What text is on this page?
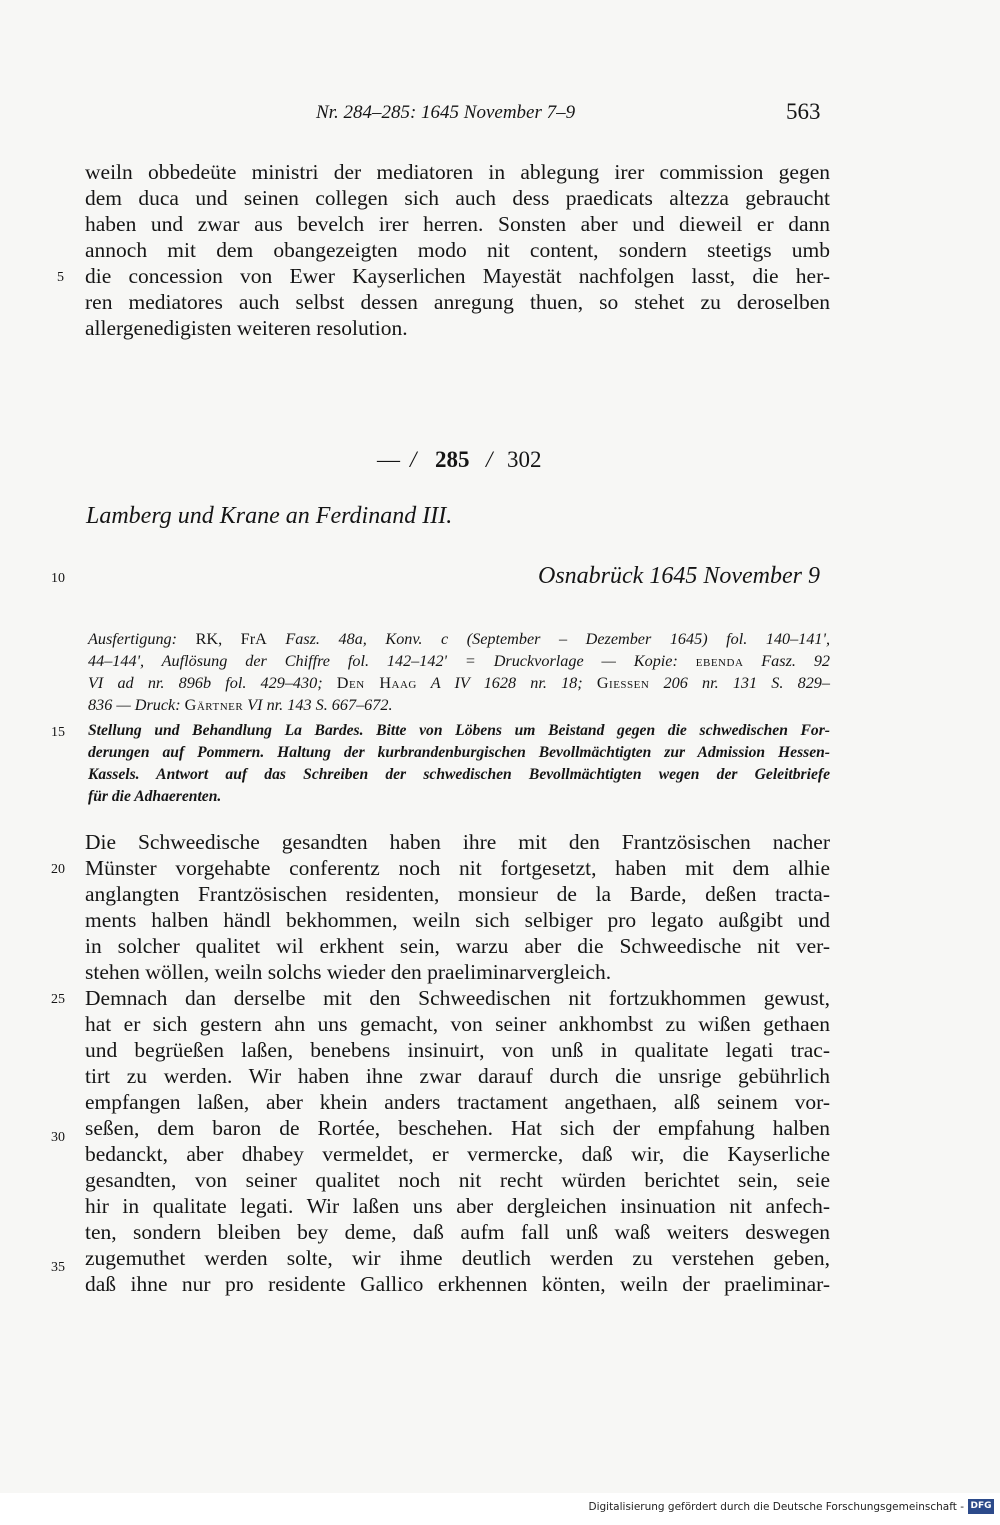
Nr. 284–285: 1645 November 7–9	563
weiln obbedeüte ministri der mediatoren in ablegung irer commission gegen
dem duca und seinen collegen sich auch dess praedicats altezza gebraucht
haben und zwar aus bevelch irer herren. Sonsten aber und dieweil er dann
annoch mit dem obangezeigten modo nit content, sondern steetigs umb
die concession von Ewer Kayserlichen Mayestät nachfolgen lasst, die her-
ren mediatores auch selbst dessen anregung thuen, so stehet zu deroselben
allergenedigisten weiteren resolution.
5
10
15
20
25
30
35
— / 285 / 302
Lamberg und Krane an Ferdinand III.
Osnabrück 1645 November 9
Ausfertigung: RK, FrA Fasz. 48a, Konv. c (September – Dezember 1645) fol. 140–141',
44–144', Auflösung der Chiffre fol. 142–142' = Druckvorlage — Kopie: ebenda Fasz. 92
VI ad nr. 896b fol. 429–430; Den Haag A IV 1628 nr. 18; Giessen 206 nr. 131 S. 829–
836 — Druck: Gärtner VI nr. 143 S. 667–672.
Stellung und Behandlung La Bardes. Bitte von Löbens um Beistand gegen die schwedischen For-
derungen auf Pommern. Haltung der kurbrandenburgischen Bevollmächtigten zur Admission Hessen-
Kassels. Antwort auf das Schreiben der schwedischen Bevollmächtigten wegen der Geleitbriefe
für die Adhaerenten.
Die Schweedische gesandten haben ihre mit den Frantzösischen nacher
Münster vorgehabte conferentz noch nit fortgesetzt, haben mit dem alhie
anglangten Frantzösischen residenten, monsieur de la Barde, deßen tracta-
ments halben händl bekhommen, weiln sich selbiger pro legato außgibt und
in solcher qualitet wil erkhent sein, warzu aber die Schweedische nit ver-
stehen wöllen, weiln solchs wieder den praeliminarvergleich.
Demnach dan derselbe mit den Schweedischen nit fortzukhommen gewust,
hat er sich gestern ahn uns gemacht, von seiner ankhombst zu wißen gethaen
und begrüeßen laßen, benebens insinuirt, von unß in qualitate legati trac-
tirt zu werden. Wir haben ihne zwar darauf durch die unsrige gebührlich
empfangen laßen, aber khein anders tractament angethaen, alß seinem vor-
seßen, dem baron de Rortée, beschehen. Hat sich der empfahung halben
bedanckt, aber dhabey vermeldet, er vermercke, daß wir, die Kayserliche
gesandten, von seiner qualitet noch nit recht würden berichtet sein, seie
hir in qualitate legati. Wir laßen uns aber dergleichen insinuation nit anfech-
ten, sondern bleiben bey deme, daß aufm fall unß waß weiters deswegen
zugemuthet werden solte, wir ihme deutlich werden zu verstehen geben,
daß ihne nur pro residente Gallico erkhennen könten, weiln der praeliminar-
Digitalisierung gefördert durch die Deutsche Forschungsgemeinschaft - DFG
